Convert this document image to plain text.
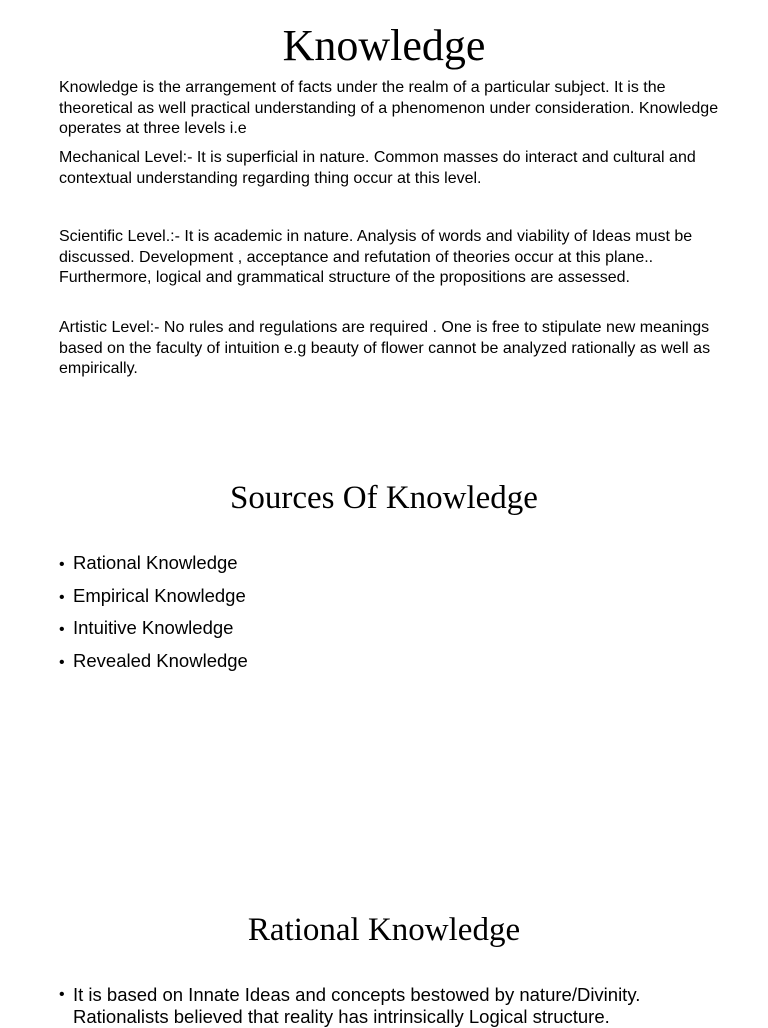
Knowledge

Knowledge is the arrangement of facts under the realm of a particular subject. It is the theoretical as well practical understanding of a phenomenon under consideration. Knowledge operates at three levels i.e

Mechanical Level:- It is superficial in nature. Common masses do interact and cultural and contextual understanding regarding thing occur at this level.

Scientific Level.:- It is academic in nature. Analysis of words and viability of Ideas must be discussed. Development , acceptance and refutation of theories occur at this plane.. Furthermore, logical and grammatical structure of the propositions are assessed.

Artistic Level:- No rules and regulations are required . One is free to stipulate new meanings based on the faculty of intuition e.g beauty of flower cannot be analyzed rationally as well as empirically.

Sources Of Knowledge
• Rational Knowledge
• Empirical Knowledge
• Intuitive Knowledge
• Revealed Knowledge
Rational Knowledge
• It is based on Innate Ideas and concepts bestowed by nature/Divinity. Rationalists believed that reality has intrinsically Logical structure.
